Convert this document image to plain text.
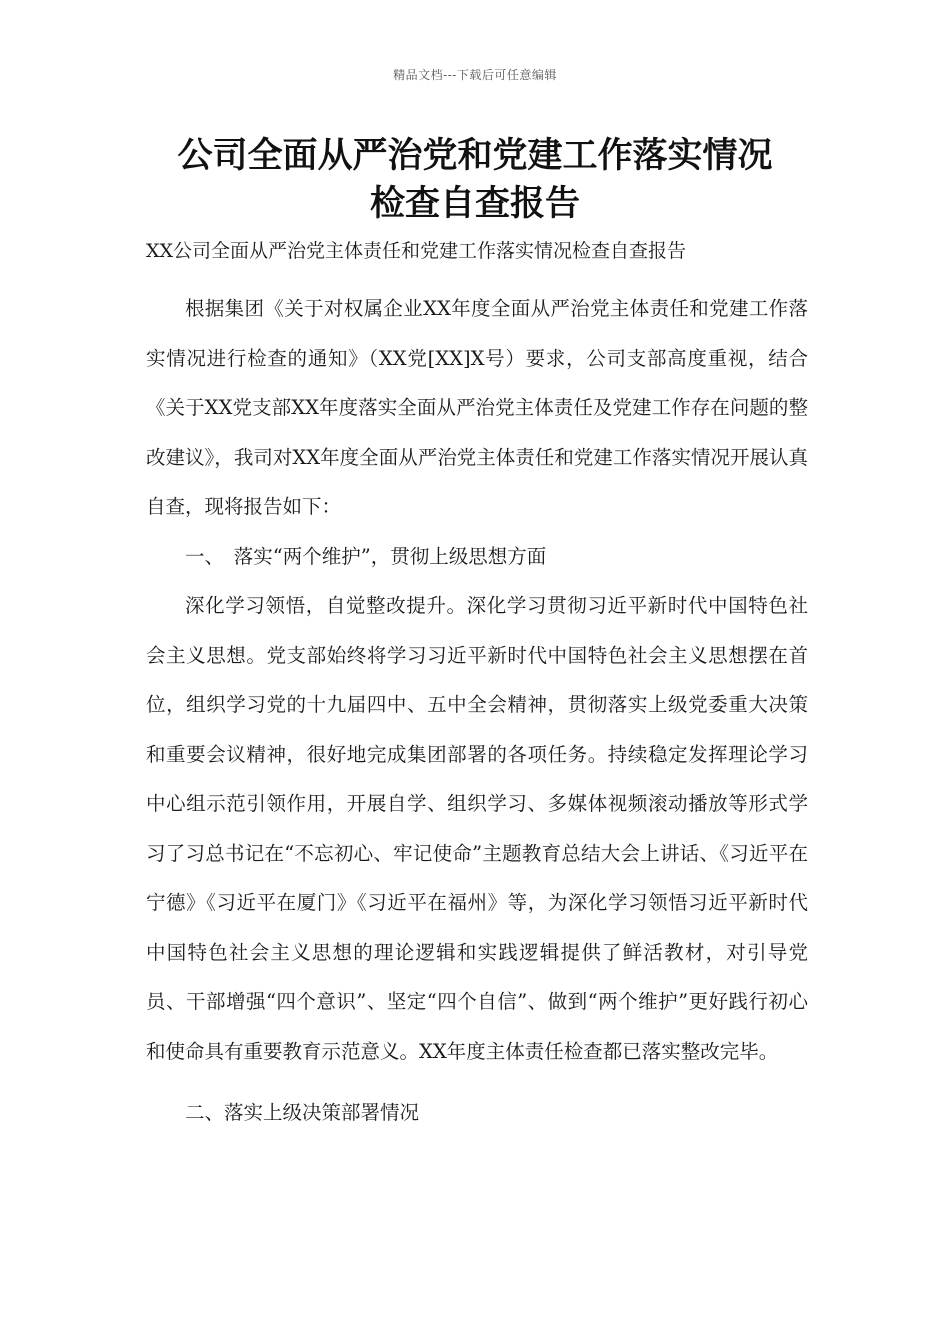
精品文档---下载后可任意编辑
公司全面从严治党和党建工作落实情况
检查自查报告
XX公司全面从严治党主体责任和党建工作落实情况检查自查报告

根据集团《关于对权属企业XX年度全面从严治党主体责任和党建工作落实情况进行检查的通知》（XX党[XX]X号）要求，公司支部高度重视，结合《关于XX党支部XX年度落实全面从严治党主体责任及党建工作存在问题的整改建议》，我司对XX年度全面从严治党主体责任和党建工作落实情况开展认真自查，现将报告如下：

一、　落实“两个维护”，贯彻上级思想方面

深化学习领悟，自觉整改提升。深化学习贯彻习近平新时代中国特色社会主义思想。党支部始终将学习习近平新时代中国特色社会主义思想摆在首位，组织学习党的十九届四中、五中全会精神，贯彻落实上级党委重大决策和重要会议精神，很好地完成集团部署的各项任务。持续稳定发挥理论学习中心组示范引领作用，开展自学、组织学习、多媒体视频滚动播放等形式学习了习总书记在“不忘初心、牢记使命”主题教育总结大会上讲话、《习近平在宁德》《习近平在厦门》《习近平在福州》等，为深化学习领悟习近平新时代中国特色社会主义思想的理论逻辑和实践逻辑提供了鲜活教材，对引导党员、干部增强“四个意识”、坚定“四个自信”、做到“两个维护”更好践行初心和使命具有重要教育示范意义。XX年度主体责任检查都已落实整改完毕。

二、落实上级决策部署情况
